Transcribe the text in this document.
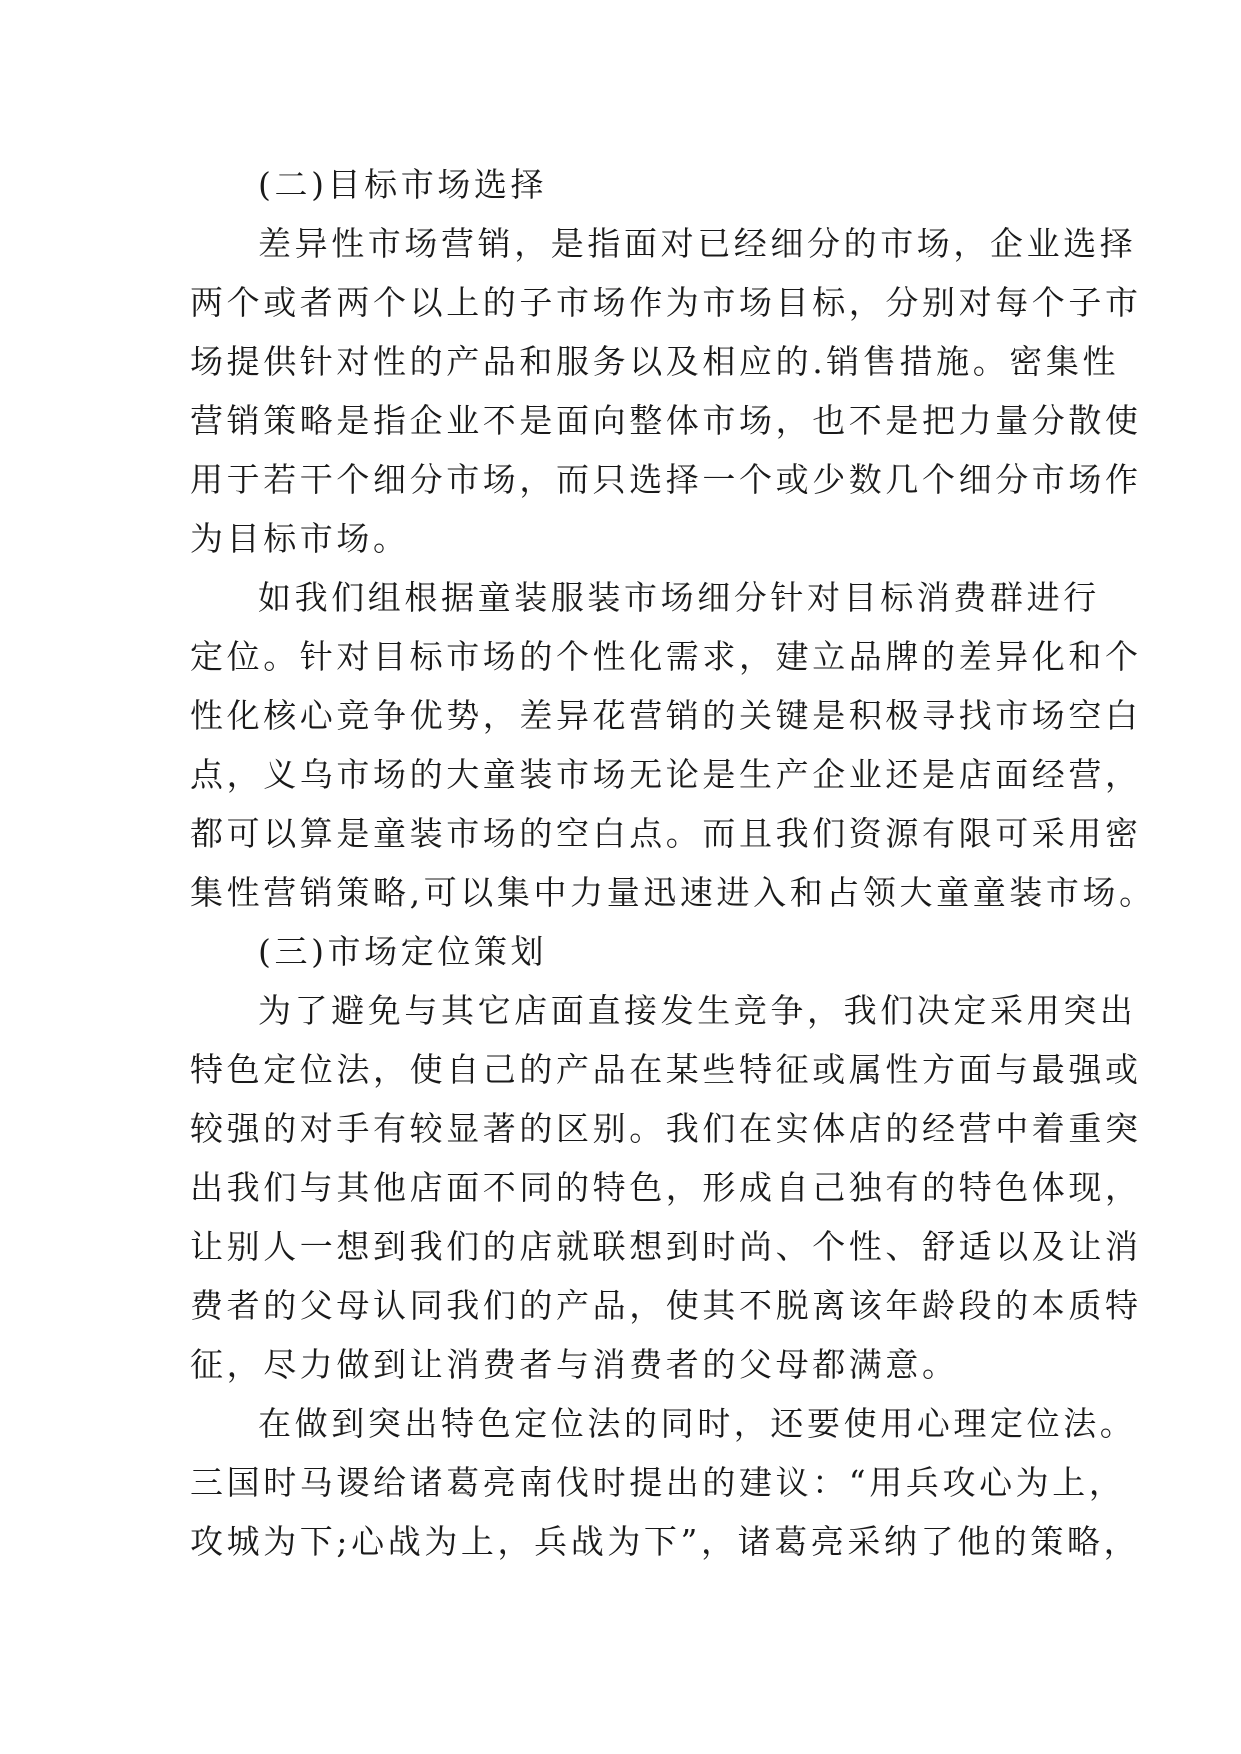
(二)目标市场选择
差异性市场营销，是指面对已经细分的市场，企业选择
两个或者两个以上的子市场作为市场目标，分别对每个子市
场提供针对性的产品和服务以及相应的.销售措施。密集性
营销策略是指企业不是面向整体市场，也不是把力量分散使
用于若干个细分市场，而只选择一个或少数几个细分市场作
为目标市场。
如我们组根据童装服装市场细分针对目标消费群进行
定位。针对目标市场的个性化需求，建立品牌的差异化和个
性化核心竞争优势，差异花营销的关键是积极寻找市场空白
点，义乌市场的大童装市场无论是生产企业还是店面经营，
都可以算是童装市场的空白点。而且我们资源有限可采用密
集性营销策略,可以集中力量迅速进入和占领大童童装市场。
(三)市场定位策划
为了避免与其它店面直接发生竞争，我们决定采用突出
特色定位法，使自己的产品在某些特征或属性方面与最强或
较强的对手有较显著的区别。我们在实体店的经营中着重突
出我们与其他店面不同的特色，形成自己独有的特色体现，
让别人一想到我们的店就联想到时尚、个性、舒适以及让消
费者的父母认同我们的产品，使其不脱离该年龄段的本质特
征，尽力做到让消费者与消费者的父母都满意。
在做到突出特色定位法的同时，还要使用心理定位法。
三国时马谡给诸葛亮南伐时提出的建议：“用兵攻心为上，
攻城为下;心战为上，兵战为下”，诸葛亮采纳了他的策略，
